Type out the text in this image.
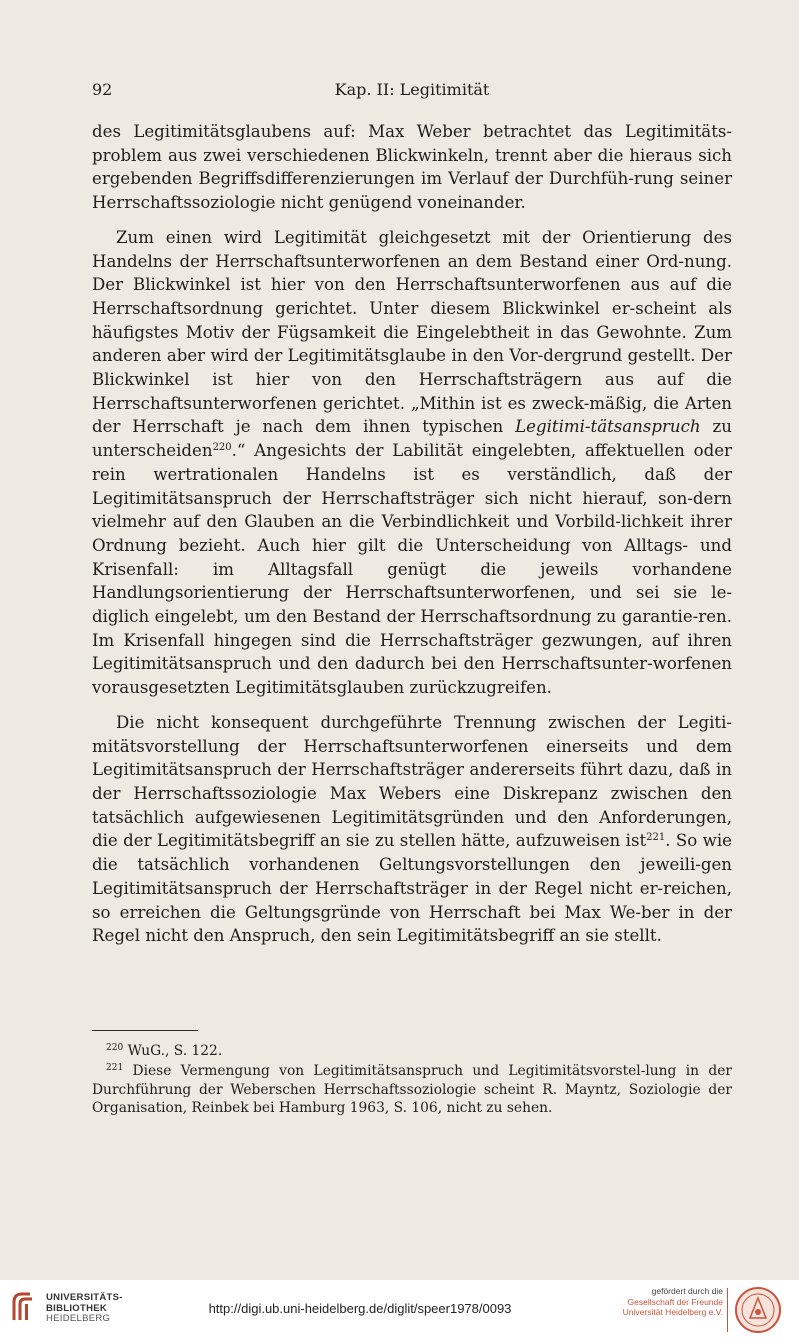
92	Kap. II: Legitimität

des Legitimitätsglaubens auf: Max Weber betrachtet das Legitimitäts-problem aus zwei verschiedenen Blickwinkeln, trennt aber die hieraus sich ergebenden Begriffsdifferenzierungen im Verlauf der Durchfüh-rung seiner Herrschaftssoziologie nicht genügend voneinander.

Zum einen wird Legitimität gleichgesetzt mit der Orientierung des Handelns der Herrschaftsunterworfenen an dem Bestand einer Ord-nung. Der Blickwinkel ist hier von den Herrschaftsunterworfenen aus auf die Herrschaftsordnung gerichtet. Unter diesem Blickwinkel er-scheint als häufigstes Motiv der Fügsamkeit die Eingelebtheit in das Gewohnte. Zum anderen aber wird der Legitimitätsglaube in den Vor-dergrund gestellt. Der Blickwinkel ist hier von den Herrschaftsträgern aus auf die Herrschaftsunterworfenen gerichtet. „Mithin ist es zweck-mäßig, die Arten der Herrschaft je nach dem ihnen typischen Legitimi-tätsanspruch zu unterscheiden$^{220}$.“ Angesichts der Labilität eingelebten, affektuellen oder rein wertrationalen Handelns ist es verständlich, daß der Legitimitätsanspruch der Herrschaftsträger sich nicht hierauf, son-dern vielmehr auf den Glauben an die Verbindlichkeit und Vorbild-lichkeit ihrer Ordnung bezieht. Auch hier gilt die Unterscheidung von Alltags- und Krisenfall: im Alltagsfall genügt die jeweils vorhandene Handlungsorientierung der Herrschaftsunterworfenen, und sei sie le-diglich eingelebt, um den Bestand der Herrschaftsordnung zu garantie-ren. Im Krisenfall hingegen sind die Herrschaftsträger gezwungen, auf ihren Legitimitätsanspruch und den dadurch bei den Herrschaftsunter-worfenen vorausgesetzten Legitimitätsglauben zurückzugreifen.

Die nicht konsequent durchgeführte Trennung zwischen der Legiti-mitätsvorstellung der Herrschaftsunterworfenen einerseits und dem Legitimitätsanspruch der Herrschaftsträger andererseits führt dazu, daß in der Herrschaftssoziologie Max Webers eine Diskrepanz zwischen den tatsächlich aufgewiesenen Legitimitätsgründen und den Anforderungen, die der Legitimitätsbegriff an sie zu stellen hätte, aufzuweisen ist$^{221}$. So wie die tatsächlich vorhandenen Geltungsvorstellungen den jeweili-gen Legitimitätsanspruch der Herrschaftsträger in der Regel nicht er-reichen, so erreichen die Geltungsgründe von Herrschaft bei Max We-ber in der Regel nicht den Anspruch, den sein Legitimitätsbegriff an sie stellt.

$^{220}$ WuG., S. 122.

$^{221}$ Diese Vermengung von Legitimitätsanspruch und Legitimitätsvorstel-lung in der Durchführung der Weberschen Herrschaftssoziologie scheint R. Mayntz, Soziologie der Organisation, Reinbek bei Hamburg 1963, S. 106, nicht zu sehen.

UNIVERSITÄTS-
BIBLIOTHEK
HEIDELBERG
http://digi.ub.uni-heidelberg.de/diglit/speer1978/0093
gefördert durch die
Gesellschaft der Freunde
Universität Heidelberg e.V.
